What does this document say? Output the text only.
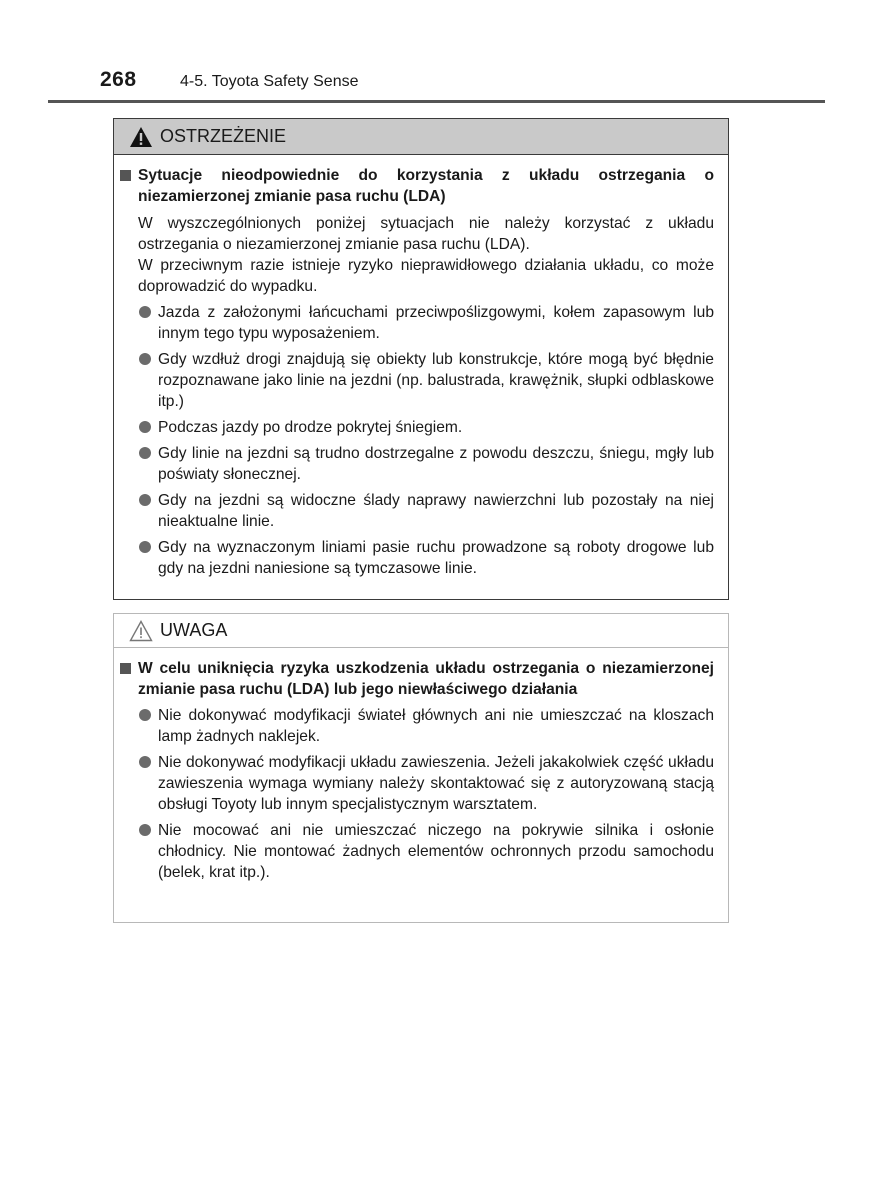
268	4-5. Toyota Safety Sense
OSTRZEŻENIE
Sytuacje nieodpowiednie do korzystania z układu ostrzegania o niezamierzonej zmianie pasa ruchu (LDA)
W wyszczególnionych poniżej sytuacjach nie należy korzystać z układu ostrzegania o niezamierzonej zmianie pasa ruchu (LDA).
W przeciwnym razie istnieje ryzyko nieprawidłowego działania układu, co może doprowadzić do wypadku.
Jazda z założonymi łańcuchami przeciwpoślizgowymi, kołem zapasowym lub innym tego typu wyposażeniem.
Gdy wzdłuż drogi znajdują się obiekty lub konstrukcje, które mogą być błędnie rozpoznawane jako linie na jezdni (np. balustrada, krawężnik, słupki odblaskowe itp.)
Podczas jazdy po drodze pokrytej śniegiem.
Gdy linie na jezdni są trudno dostrzegalne z powodu deszczu, śniegu, mgły lub poświaty słonecznej.
Gdy na jezdni są widoczne ślady naprawy nawierzchni lub pozostały na niej nieaktualne linie.
Gdy na wyznaczonym liniami pasie ruchu prowadzone są roboty drogowe lub gdy na jezdni naniesione są tymczasowe linie.
UWAGA
W celu uniknięcia ryzyka uszkodzenia układu ostrzegania o niezamierzonej zmianie pasa ruchu (LDA) lub jego niewłaściwego działania
Nie dokonywać modyfikacji świateł głównych ani nie umieszczać na kloszach lamp żadnych naklejek.
Nie dokonywać modyfikacji układu zawieszenia. Jeżeli jakakolwiek część układu zawieszenia wymaga wymiany należy skontaktować się z autoryzowaną stacją obsługi Toyoty lub innym specjalistycznym warsztatem.
Nie mocować ani nie umieszczać niczego na pokrywie silnika i osłonie chłodnicy. Nie montować żadnych elementów ochronnych przodu samochodu (belek, krat itp.).
